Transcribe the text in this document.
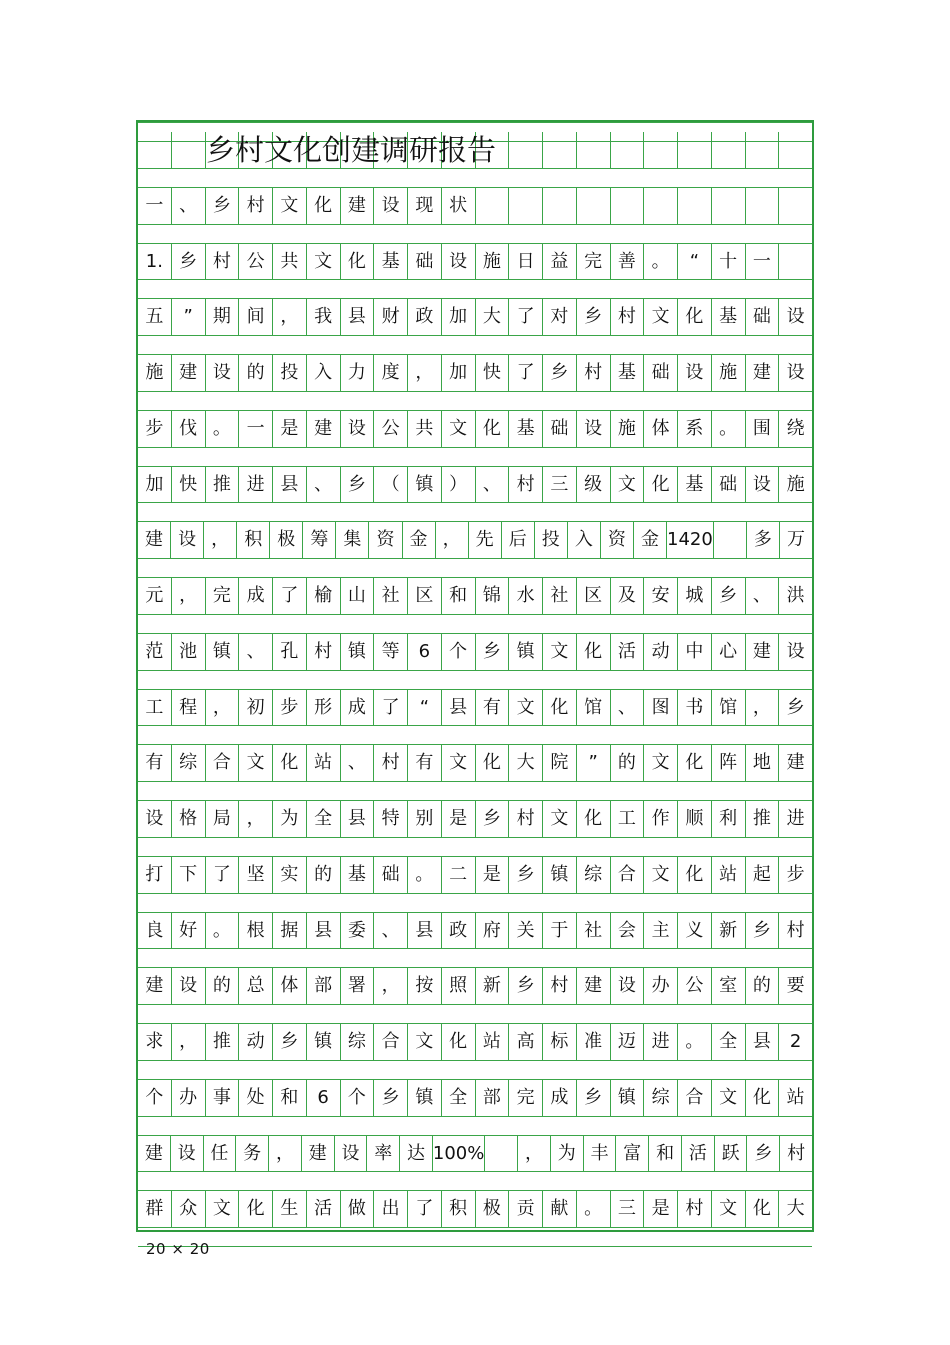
一 、 乡 村 文 化 建 设 现 状
1. 乡 村 公 共 文 化 基 础 设 施 日 益 完 善 。	“	十 一
五	”	期 间 ， 我 县 财 政 加 大 了 对 乡 村 文 化 基 础 设
施 建 设 的 投 入 力 度 ， 加 快 了 乡 村 基 础 设 施 建 设
步 伐 。 一 是 建 设 公 共 文 化 基 础 设 施 体 系 。 围 绕
加 快 推 进 县 、 乡 （ 镇 ） 、 村 三 级 文 化 基 础 设 施
建 设 ， 积 极 筹 集 资 金 ， 先 后 投 入 资 金 1420	多 万
元 ， 完 成 了 榆 山 社 区 和 锦 水 社 区 及 安 城 乡 、 洪
范 池 镇 、 孔 村 镇 等	6	个 乡 镇 文 化 活 动 中 心 建 设
工 程 ， 初 步 形 成 了	“	县 有 文 化 馆 、 图 书 馆 ， 乡
有 综 合 文 化 站 、 村 有 文 化 大 院	”	的 文 化 阵 地 建
设 格 局 ， 为 全 县 特 别 是 乡 村 文 化 工 作 顺 利 推 进
打 下 了 坚 实 的 基 础 。 二 是 乡 镇 综 合 文 化 站 起 步
良 好 。 根 据 县 委 、 县 政 府 关 于 社 会 主 义 新 乡 村
建 设 的 总 体 部 署 ， 按 照 新 乡 村 建 设 办 公 室 的 要
求 ， 推 动 乡 镇 综 合 文 化 站 高 标 准 迈 进 。 全 县	2
个 办 事 处 和	6	个 乡 镇 全 部 完 成 乡 镇 综 合 文 化 站
建 设 任 务 ， 建 设 率 达 100%	， 为 丰 富 和 活 跃 乡 村
群 众 文 化 生 活 做 出 了 积 极 贡 献 。 三 是 村 文 化 大
乡村文化创建调研报告
20 × 20
